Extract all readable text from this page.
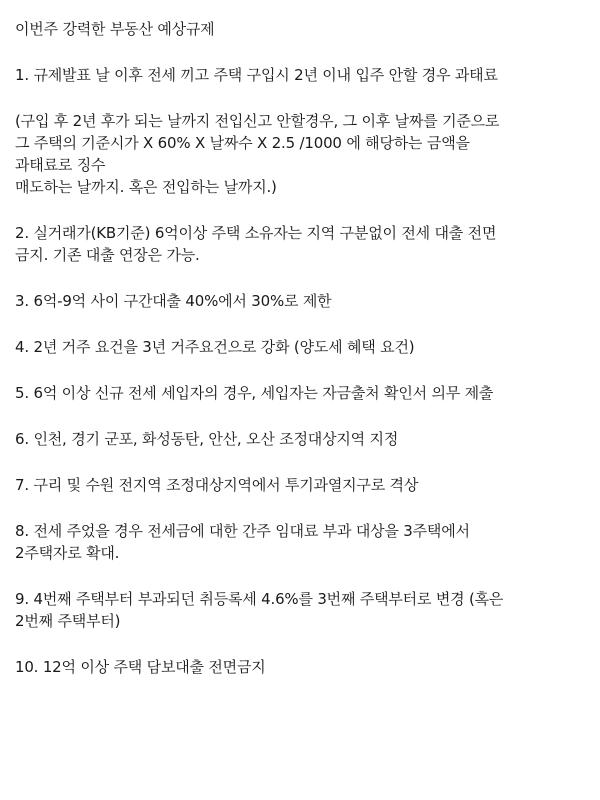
이번주 강력한 부동산 예상규제
1. 규제발표 날 이후 전세 끼고 주택 구입시 2년 이내 입주 안할 경우 과태료
(구입 후 2년 후가 되는 날까지 전입신고 안할경우, 그 이후 날짜를 기준으로
그 주택의 기준시가 X 60% X 날짜수 X 2.5 /1000 에 해당하는 금액을
과태료로 징수
매도하는 날까지. 혹은 전입하는 날까지.)
2. 실거래가(KB기준) 6억이상 주택 소유자는 지역 구분없이 전세 대출 전면
금지. 기존 대출 연장은 가능.
3. 6억-9억 사이 구간대출 40%에서 30%로 제한
4. 2년 거주 요건을 3년 거주요건으로 강화 (양도세 혜택 요건)
5. 6억 이상 신규 전세 세입자의 경우, 세입자는 자금출처 확인서 의무 제출
6. 인천, 경기 군포, 화성동탄, 안산, 오산 조정대상지역 지정
7. 구리 및 수원 전지역 조정대상지역에서 투기과열지구로 격상
8. 전세 주었을 경우 전세금에 대한 간주 임대료 부과 대상을 3주택에서
2주택자로 확대.
9. 4번째 주택부터 부과되던 취등록세 4.6%를 3번째 주택부터로 변경 (혹은
2번째 주택부터)
10. 12억 이상 주택 담보대출 전면금지
